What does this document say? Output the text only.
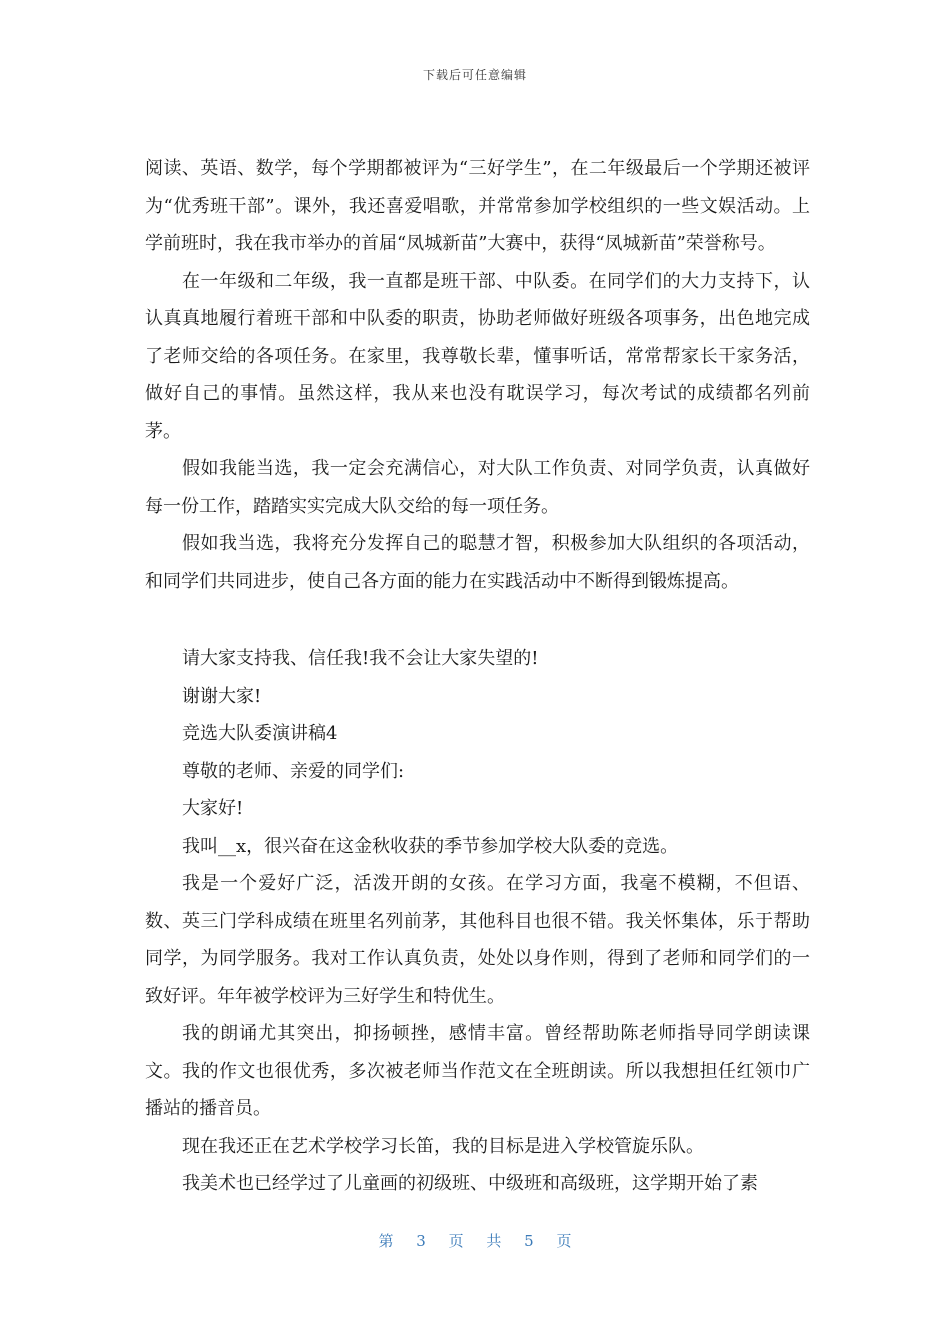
下载后可任意编辑

阅读、英语、数学，每个学期都被评为“三好学生”，在二年级最后一个学期还被评为“优秀班干部”。课外，我还喜爱唱歌，并常常参加学校组织的一些文娱活动。上学前班时，我在我市举办的首届“凤城新苗”大赛中，获得“凤城新苗”荣誉称号。

在一年级和二年级，我一直都是班干部、中队委。在同学们的大力支持下，认认真真地履行着班干部和中队委的职责，协助老师做好班级各项事务，出色地完成了老师交给的各项任务。在家里，我尊敬长辈，懂事听话，常常帮家长干家务活，做好自己的事情。虽然这样，我从来也没有耽误学习，每次考试的成绩都名列前茅。

假如我能当选，我一定会充满信心，对大队工作负责、对同学负责，认真做好每一份工作，踏踏实实完成大队交给的每一项任务。

假如我当选，我将充分发挥自己的聪慧才智，积极参加大队组织的各项活动，和同学们共同进步，使自己各方面的能力在实践活动中不断得到锻炼提高。

请大家支持我、信任我!我不会让大家失望的!

谢谢大家!

竞选大队委演讲稿4

尊敬的老师、亲爱的同学们:

大家好!

我叫__x，很兴奋在这金秋收获的季节参加学校大队委的竞选。

我是一个爱好广泛，活泼开朗的女孩。在学习方面，我毫不模糊，不但语、数、英三门学科成绩在班里名列前茅，其他科目也很不错。我关怀集体，乐于帮助同学，为同学服务。我对工作认真负责，处处以身作则，得到了老师和同学们的一致好评。年年被学校评为三好学生和特优生。

我的朗诵尤其突出，抑扬顿挫，感情丰富。曾经帮助陈老师指导同学朗读课文。我的作文也很优秀，多次被老师当作范文在全班朗读。所以我想担任红领巾广播站的播音员。

现在我还正在艺术学校学习长笛，我的目标是进入学校管旋乐队。

我美术也已经学过了儿童画的初级班、中级班和高级班，这学期开始了素

第 3 页 共 5 页
